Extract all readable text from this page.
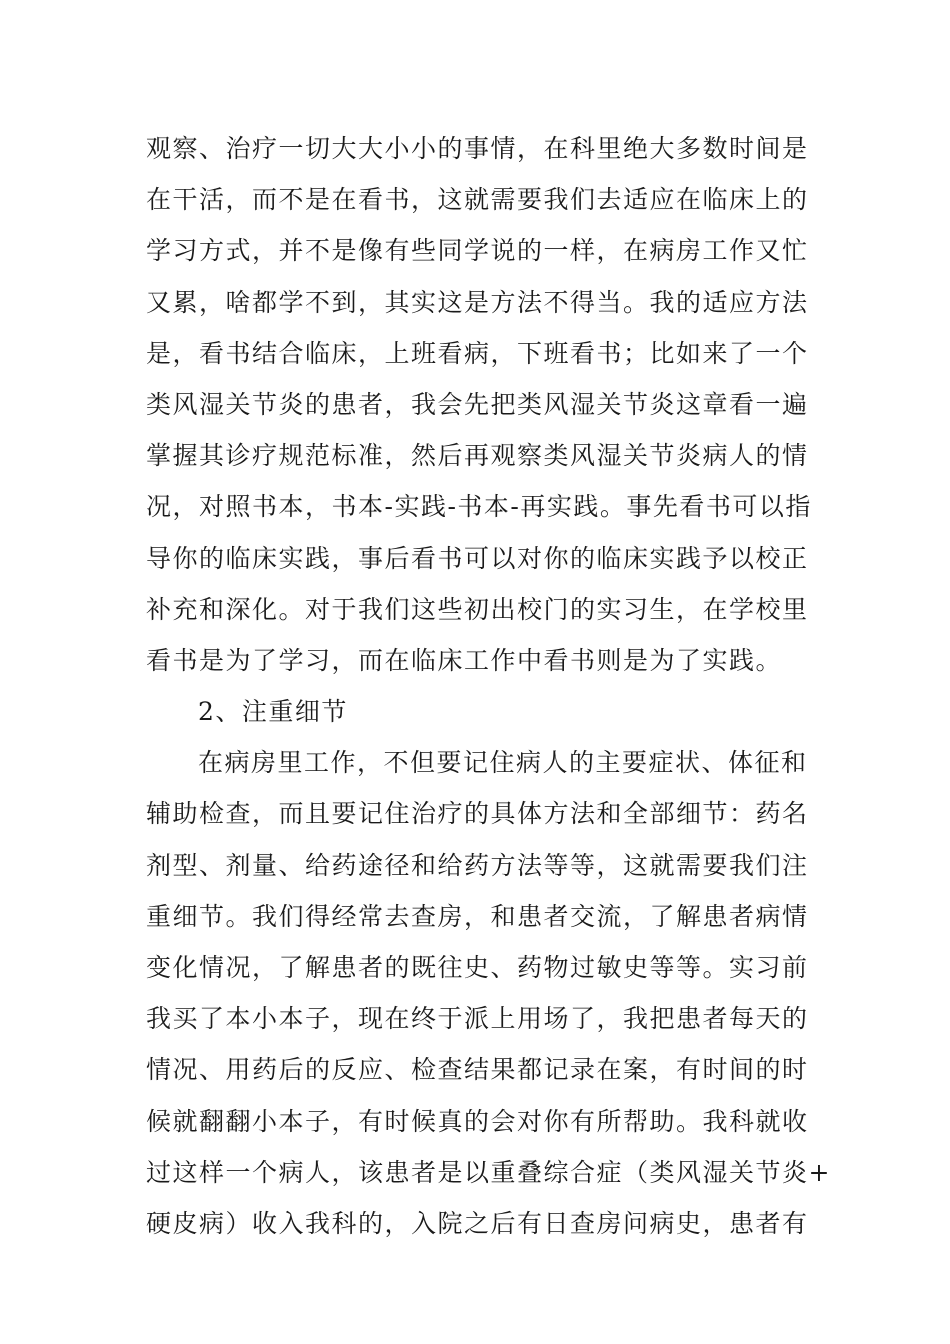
观察、治疗一切大大小小的事情，在科里绝大多数时间是
在干活，而不是在看书，这就需要我们去适应在临床上的
学习方式，并不是像有些同学说的一样，在病房工作又忙
又累，啥都学不到，其实这是方法不得当。我的适应方法
是，看书结合临床，上班看病，下班看书；比如来了一个
类风湿关节炎的患者，我会先把类风湿关节炎这章看一遍
掌握其诊疗规范标准，然后再观察类风湿关节炎病人的情
况，对照书本，书本-实践-书本-再实践。事先看书可以指
导你的临床实践，事后看书可以对你的临床实践予以校正
补充和深化。对于我们这些初出校门的实习生，在学校里
看书是为了学习，而在临床工作中看书则是为了实践。
2、注重细节
在病房里工作，不但要记住病人的主要症状、体征和
辅助检查，而且要记住治疗的具体方法和全部细节：药名
剂型、剂量、给药途径和给药方法等等，这就需要我们注
重细节。我们得经常去查房，和患者交流，了解患者病情
变化情况，了解患者的既往史、药物过敏史等等。实习前
我买了本小本子，现在终于派上用场了，我把患者每天的
情况、用药后的反应、检查结果都记录在案，有时间的时
候就翻翻小本子，有时候真的会对你有所帮助。我科就收
过这样一个病人，该患者是以重叠综合症（类风湿关节炎+
硬皮病）收入我科的，入院之后有日查房问病史，患者有
